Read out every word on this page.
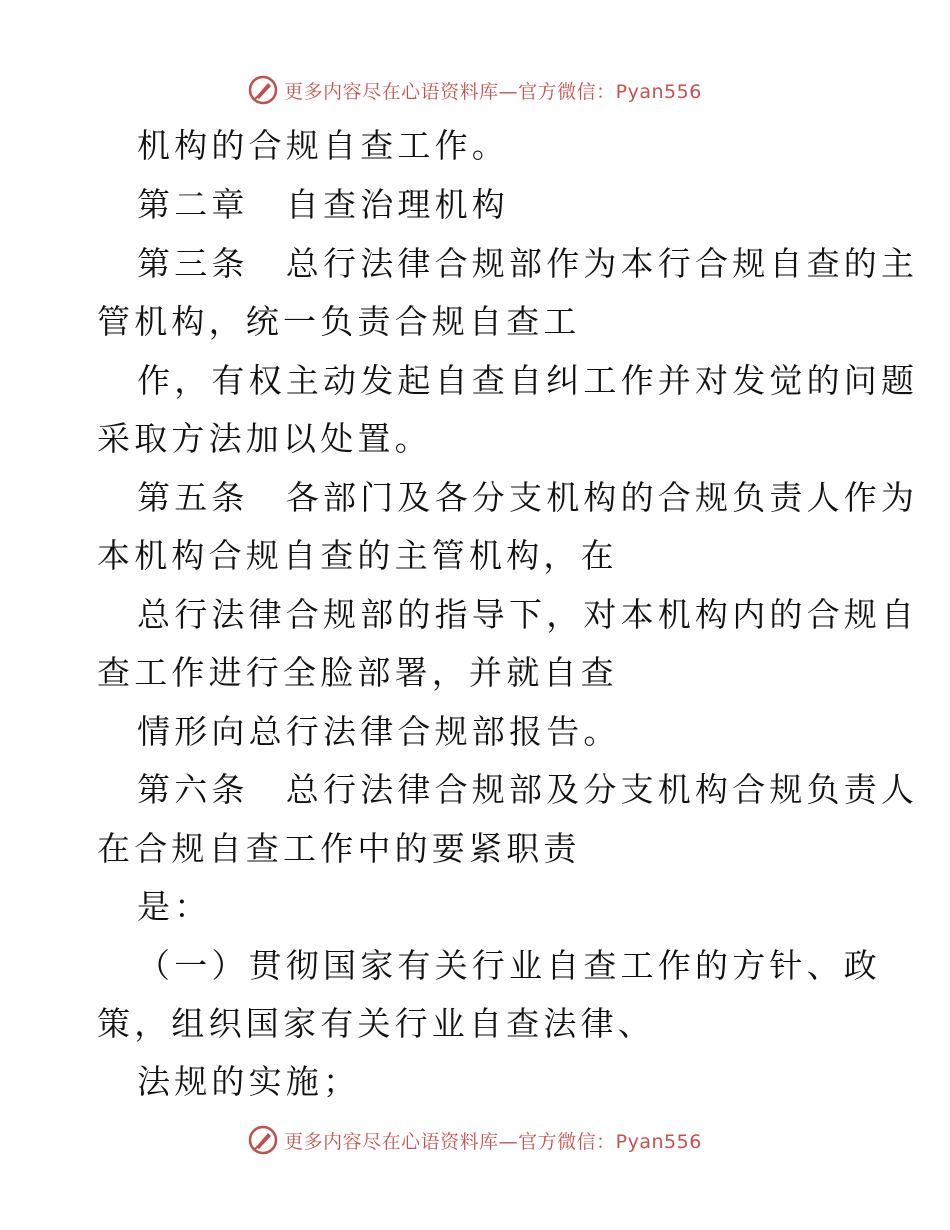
更多内容尽在心语资料库—官方微信：Pyan556
机构的合规自查工作。
第二章　自查治理机构
第三条　总行法律合规部作为本行合规自查的主
管机构，统一负责合规自查工
作，有权主动发起自查自纠工作并对发觉的问题
采取方法加以处置。
第五条　各部门及各分支机构的合规负责人作为
本机构合规自查的主管机构，在
总行法律合规部的指导下，对本机构内的合规自
查工作进行全脸部署，并就自查
情形向总行法律合规部报告。
第六条　总行法律合规部及分支机构合规负责人
在合规自查工作中的要紧职责
是：
（一）贯彻国家有关行业自查工作的方针、政
策，组织国家有关行业自查法律、
法规的实施；
更多内容尽在心语资料库—官方微信：Pyan556
